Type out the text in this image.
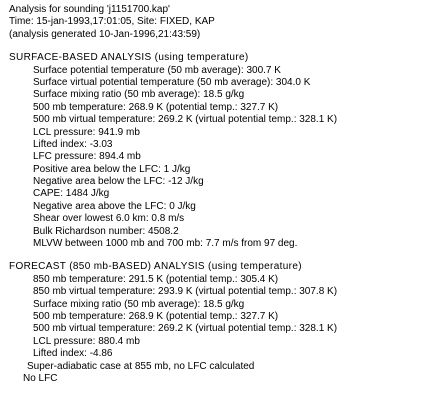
Analysis for sounding 'j1151700.kap'
Time: 15-jan-1993,17:01:05, Site: FIXED, KAP
(analysis generated 10-Jan-1996,21:43:59)
SURFACE-BASED ANALYSIS (using temperature)
Surface potential temperature (50 mb average): 300.7 K
Surface virtual potential temperature (50 mb average): 304.0 K
Surface mixing ratio (50 mb average): 18.5 g/kg
500 mb temperature: 268.9 K (potential temp.: 327.7 K)
500 mb virtual temperature: 269.2 K (virtual potential temp.: 328.1 K)
LCL pressure: 941.9 mb
Lifted index: -3.03
LFC pressure: 894.4 mb
Positive area below the LFC: 1 J/kg
Negative area below the LFC: -12 J/kg
CAPE: 1484 J/kg
Negative area above the LFC: 0 J/kg
Shear over lowest 6.0 km: 0.8 m/s
Bulk Richardson number: 4508.2
MLVW between 1000 mb and 700 mb: 7.7 m/s from 97 deg.
FORECAST (850 mb-BASED) ANALYSIS (using temperature)
850 mb temperature: 291.5 K (potential temp.: 305.4 K)
850 mb virtual temperature: 293.9 K (virtual potential temp.: 307.8 K)
Surface mixing ratio (50 mb average): 18.5 g/kg
500 mb temperature: 268.9 K (potential temp.: 327.7 K)
500 mb virtual temperature: 269.2 K (virtual potential temp.: 328.1 K)
LCL pressure: 880.4 mb
Lifted index: -4.86
Super-adiabatic case at 855 mb, no LFC calculated
No LFC
